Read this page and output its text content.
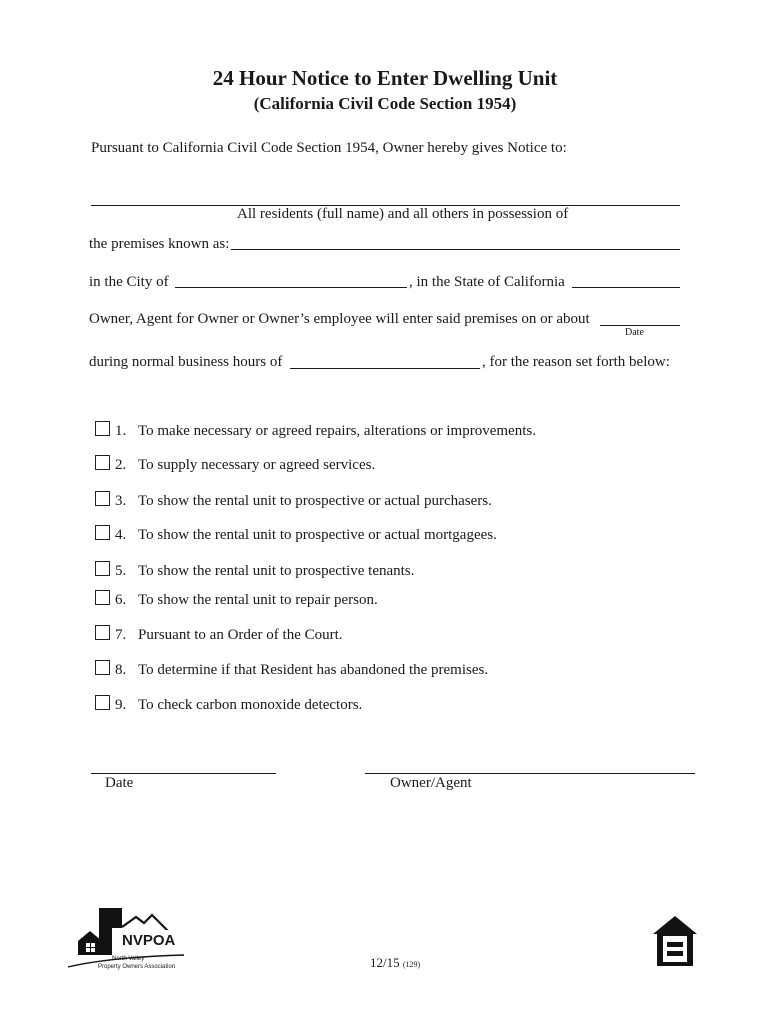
24 Hour Notice to Enter Dwelling Unit
(California Civil Code Section 1954)
Pursuant to California Civil Code Section 1954, Owner hereby gives Notice to:
All residents (full name) and all others in possession of
the premises known as:
in the City of	, in the State of California
Owner, Agent for Owner or Owner’s employee will enter said premises on or about
Date
during normal business hours of	, for the reason set forth below:
1. To make necessary or agreed repairs, alterations or improvements.
2. To supply necessary or agreed services.
3. To show the rental unit to prospective or actual purchasers.
4. To show the rental unit to prospective or actual mortgagees.
5. To show the rental unit to prospective tenants.
6. To show the rental unit to repair person.
7. Pursuant to an Order of the Court.
8. To determine if that Resident has abandoned the premises.
9. To check carbon monoxide detectors.
Date	Owner/Agent
NVPOA
North Valley
Property Owners Association	12/15 (129)
